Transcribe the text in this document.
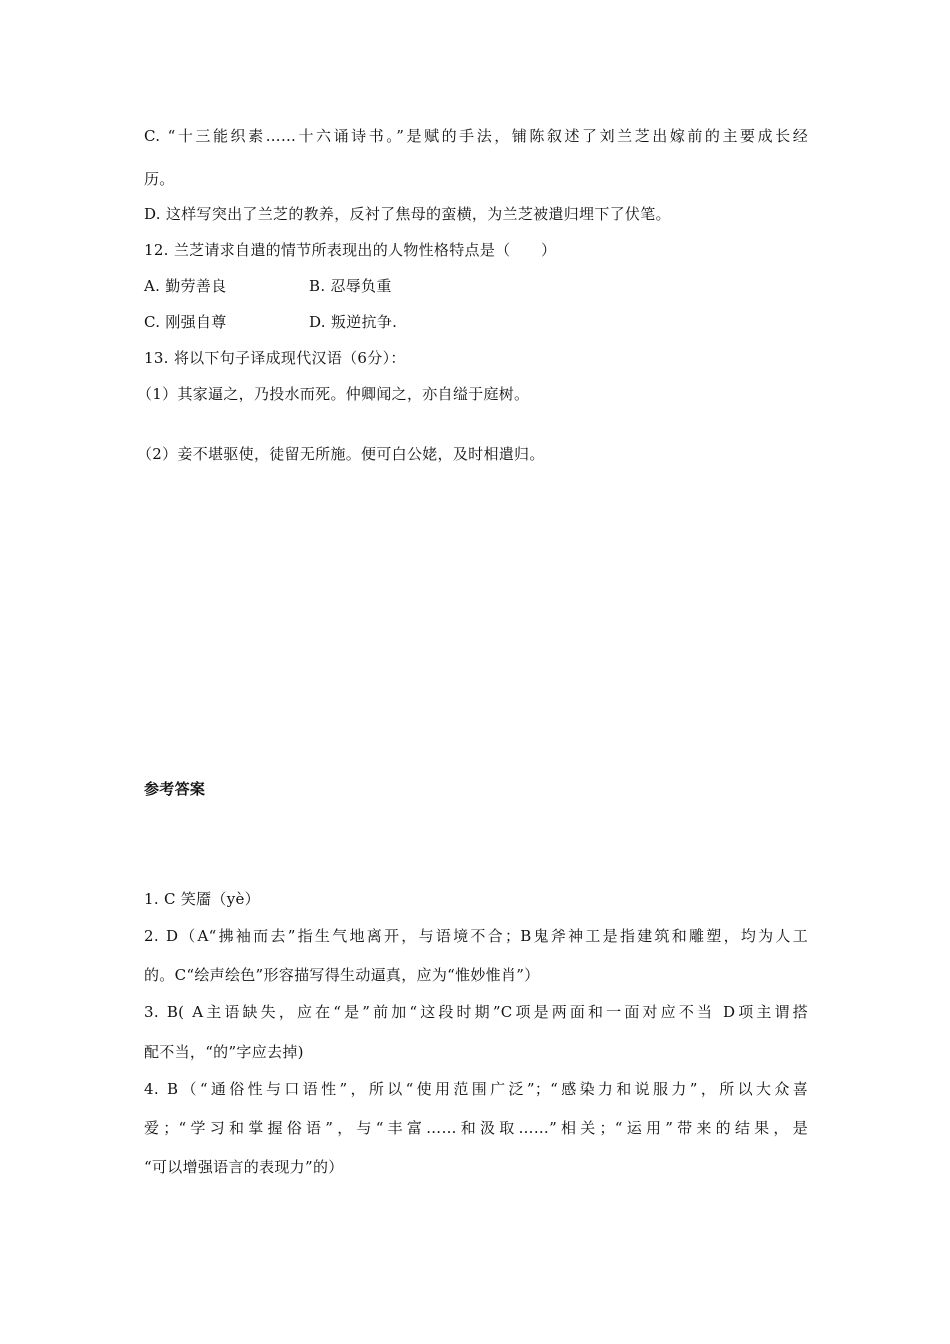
C. “十三能织素……十六诵诗书。”是赋的手法，铺陈叙述了刘兰芝出嫁前的主要成长经
历。
D. 这样写突出了兰芝的教养，反衬了焦母的蛮横，为兰芝被遣归埋下了伏笔。
12. 兰芝请求自遣的情节所表现出的人物性格特点是（　　）
A. 勤劳善良	B. 忍辱负重
C. 刚强自尊	D. 叛逆抗争.
13. 将以下句子译成现代汉语（6分）：
（1）其家逼之，乃投水而死。仲卿闻之，亦自缢于庭树。
（2）妾不堪驱使，徒留无所施。便可白公姥，及时相遣归。
参考答案
1. C 笑靥（yè）
2. D（A“拂袖而去”指生气地离开，与语境不合；B鬼斧神工是指建筑和雕塑，均为人工
的。C“绘声绘色”形容描写得生动逼真，应为“惟妙惟肖”）
3. B( A主语缺失，应在“是”前加“这段时期”C项是两面和一面对应不当 D项主谓搭
配不当，“的”字应去掉)
4. B（“通俗性与口语性”，所以“使用范围广泛”；“感染力和说服力”，所以大众喜
爱；“学习和掌握俗语”，与“丰富……和汲取……”相关；“运用”带来的结果，是
“可以增强语言的表现力”的）
